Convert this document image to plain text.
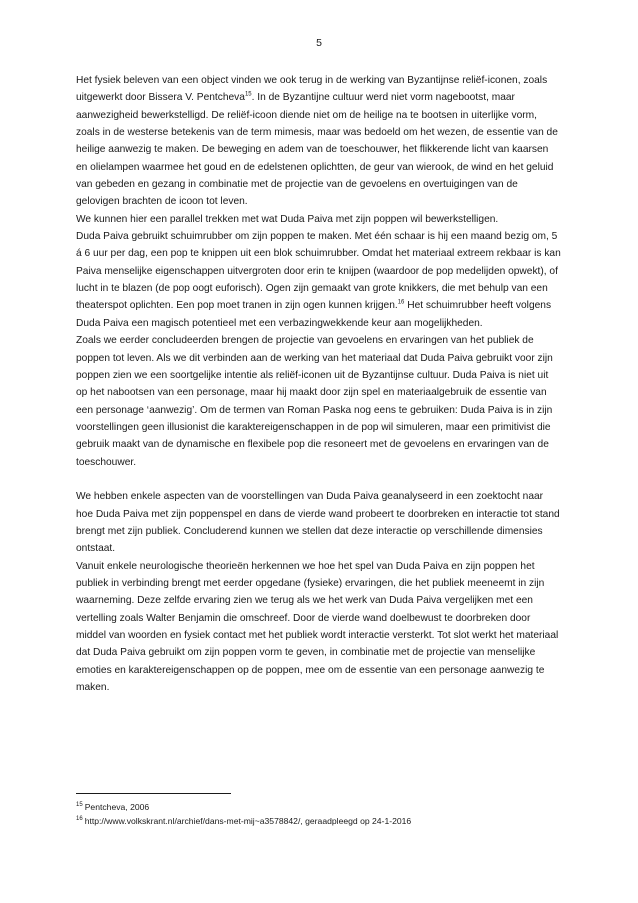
5

Het fysiek beleven van een object vinden we ook terug in de werking van Byzantijnse reliëf-iconen, zoals uitgewerkt door Bissera V. Pentcheva$^{15}$. In de Byzantijne cultuur werd niet vorm nagebootst, maar aanwezigheid bewerkstelligd. De reliëf-icoon diende niet om de heilige na te bootsen in uiterlijke vorm, zoals in de westerse betekenis van de term mimesis, maar was bedoeld om het wezen, de essentie van de heilige aanwezig te maken. De beweging en adem van de toeschouwer, het flikkerende licht van kaarsen en olielampen waarmee het goud en de edelstenen oplichtten, de geur van wierook, de wind en het geluid van gebeden en gezang in combinatie met de projectie van de gevoelens en overtuigingen van de gelovigen brachten de icoon tot leven.

We kunnen hier een parallel trekken met wat Duda Paiva met zijn poppen wil bewerkstelligen.

Duda Paiva gebruikt schuimrubber om zijn poppen te maken. Met één schaar is hij een maand bezig om, 5 á 6 uur per dag, een pop te knippen uit een blok schuimrubber. Omdat het materiaal extreem rekbaar is kan Paiva menselijke eigenschappen uitvergroten door erin te knijpen (waardoor de pop medelijden opwekt), of lucht in te blazen (de pop oogt euforisch). Ogen zijn gemaakt van grote knikkers, die met behulp van een theaterspot oplichten. Een pop moet tranen in zijn ogen kunnen krijgen.$^{16}$ Het schuimrubber heeft volgens Duda Paiva een magisch potentieel met een verbazingwekkende keur aan mogelijkheden.

Zoals we eerder concludeerden brengen de projectie van gevoelens en ervaringen van het publiek de poppen tot leven. Als we dit verbinden aan de werking van het materiaal dat Duda Paiva gebruikt voor zijn poppen zien we een soortgelijke intentie als reliëf-iconen uit de Byzantijnse cultuur. Duda Paiva is niet uit op het nabootsen van een personage, maar hij maakt door zijn spel en materiaalgebruik de essentie van een personage ‘aanwezig’. Om de termen van Roman Paska nog eens te gebruiken: Duda Paiva is in zijn voorstellingen geen illusionist die karaktereigenschappen in de pop wil simuleren, maar een primitivist die gebruik maakt van de dynamische en flexibele pop die resoneert met de gevoelens en ervaringen van de toeschouwer.

We hebben enkele aspecten van de voorstellingen van Duda Paiva geanalyseerd in een zoektocht naar hoe Duda Paiva met zijn poppenspel en dans de vierde wand probeert te doorbreken en interactie tot stand brengt met zijn publiek. Concluderend kunnen we stellen dat deze interactie op verschillende dimensies ontstaat.

Vanuit enkele neurologische theorieën herkennen we hoe het spel van Duda Paiva en zijn poppen het publiek in verbinding brengt met eerder opgedane (fysieke) ervaringen, die het publiek meeneemt in zijn waarneming. Deze zelfde ervaring zien we terug als we het werk van Duda Paiva vergelijken met een vertelling zoals Walter Benjamin die omschreef. Door de vierde wand doelbewust te doorbreken door middel van woorden en fysiek contact met het publiek wordt interactie versterkt. Tot slot werkt het materiaal dat Duda Paiva gebruikt om zijn poppen vorm te geven, in combinatie met de projectie van menselijke emoties en karaktereigenschappen op de poppen, mee om de essentie van een personage aanwezig te maken.

$^{15}$ Pentcheva, 2006

$^{16}$ http://www.volkskrant.nl/archief/dans-met-mij~a3578842/, geraadpleegd op 24-1-2016
